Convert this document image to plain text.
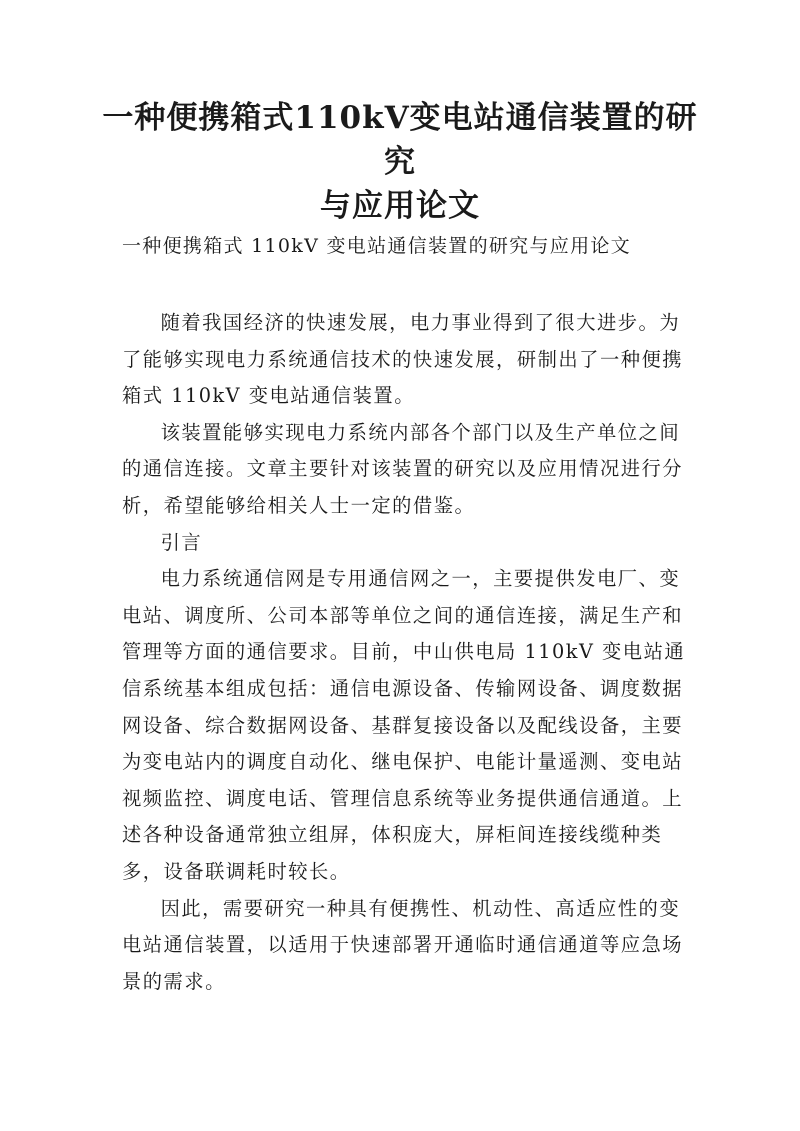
一种便携箱式110kV变电站通信装置的研究
与应用论文
一种便携箱式 110kV 变电站通信装置的研究与应用论文

随着我国经济的快速发展，电力事业得到了很大进步。为了能够实现电力系统通信技术的快速发展，研制出了一种便携箱式 110kV 变电站通信装置。

该装置能够实现电力系统内部各个部门以及生产单位之间的通信连接。文章主要针对该装置的研究以及应用情况进行分析，希望能够给相关人士一定的借鉴。

引言

电力系统通信网是专用通信网之一，主要提供发电厂、变电站、调度所、公司本部等单位之间的通信连接，满足生产和管理等方面的通信要求。目前，中山供电局 110kV 变电站通信系统基本组成包括：通信电源设备、传输网设备、调度数据网设备、综合数据网设备、基群复接设备以及配线设备，主要为变电站内的调度自动化、继电保护、电能计量遥测、变电站视频监控、调度电话、管理信息系统等业务提供通信通道。上述各种设备通常独立组屏，体积庞大，屏柜间连接线缆种类多，设备联调耗时较长。

因此，需要研究一种具有便携性、机动性、高适应性的变电站通信装置，以适用于快速部署开通临时通信通道等应急场景的需求。
